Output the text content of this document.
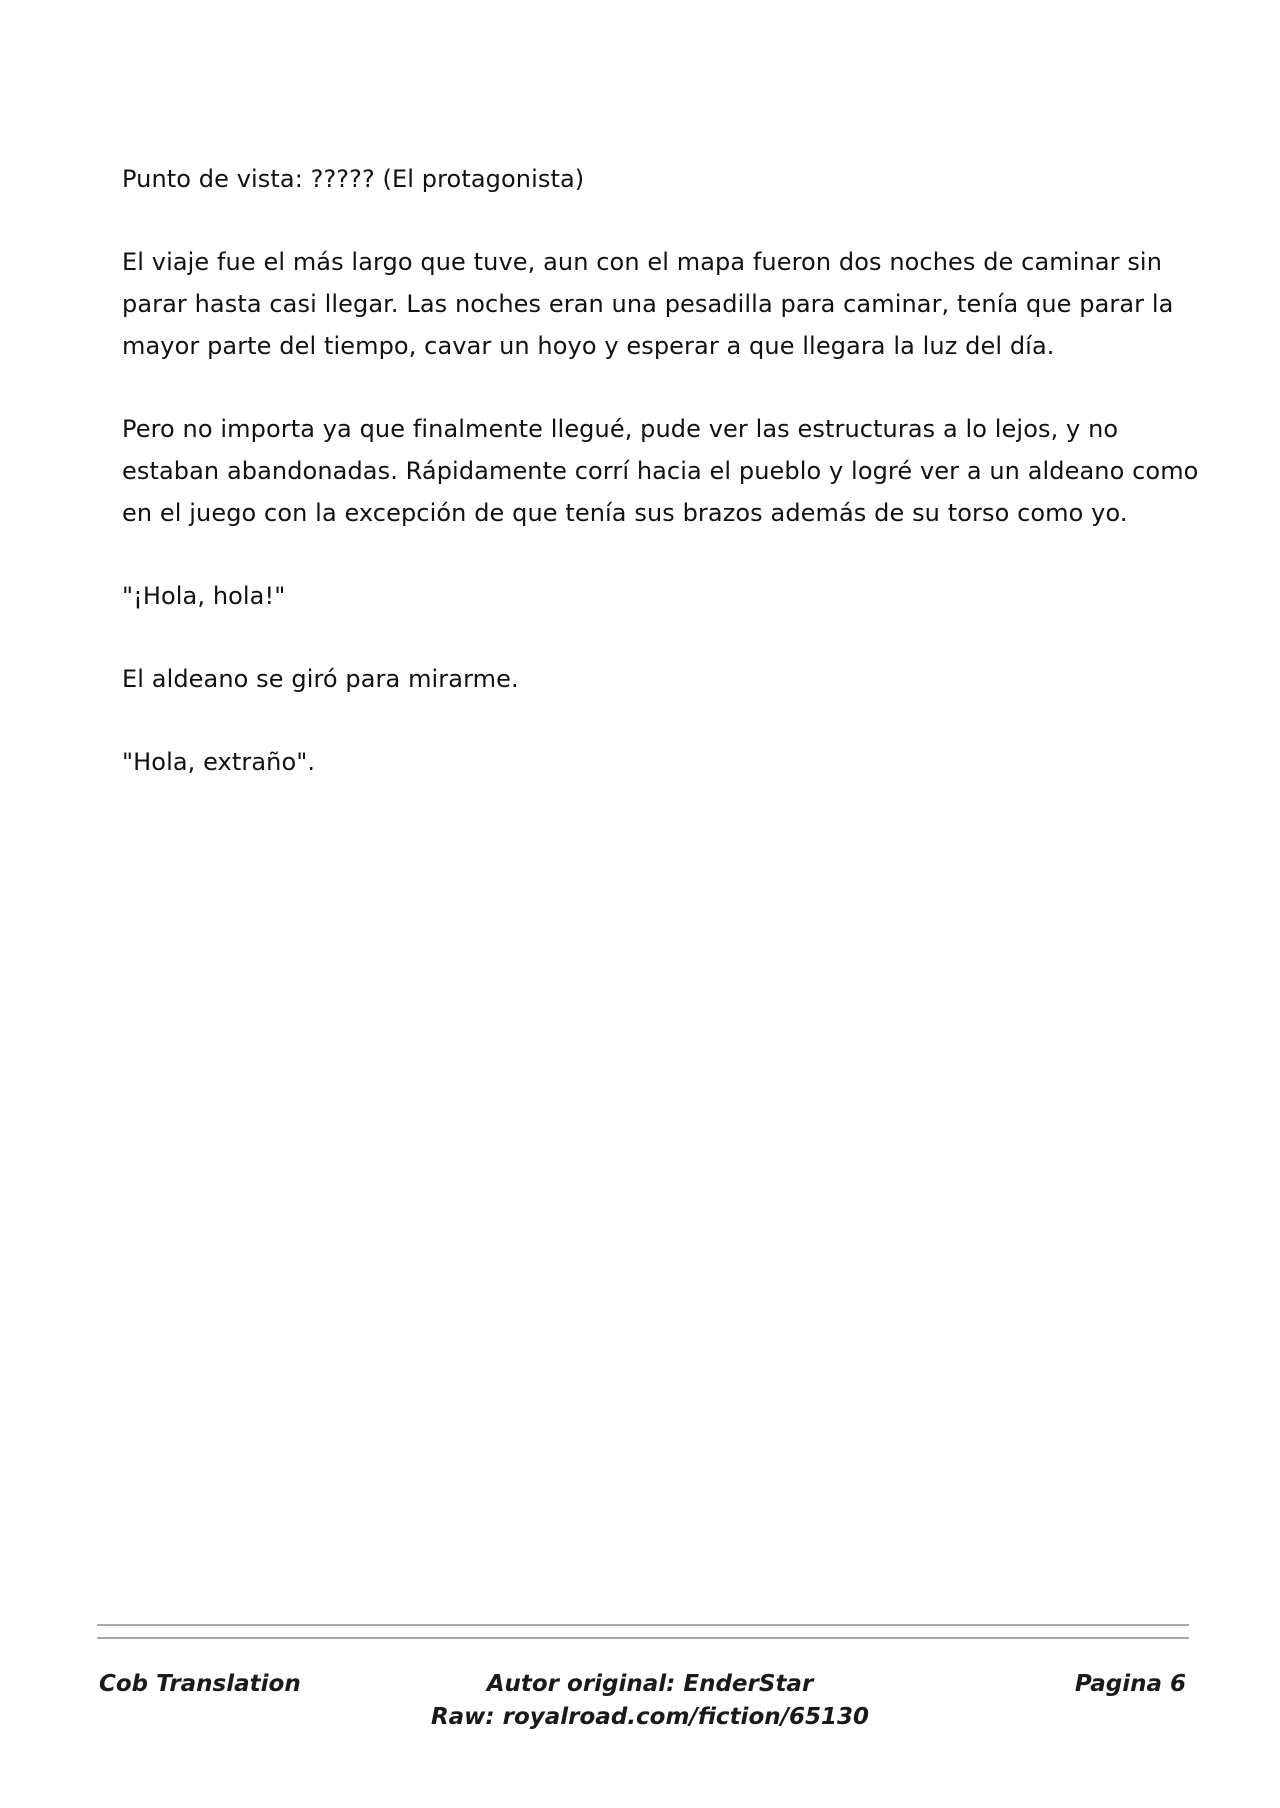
Punto de vista: ????? (El protagonista)

El viaje fue el más largo que tuve, aun con el mapa fueron dos noches de caminar sin parar hasta casi llegar. Las noches eran una pesadilla para caminar, tenía que parar la mayor parte del tiempo, cavar un hoyo y esperar a que llegara la luz del día.

Pero no importa ya que finalmente llegué, pude ver las estructuras a lo lejos, y no estaban abandonadas. Rápidamente corrí hacia el pueblo y logré ver a un aldeano como en el juego con la excepción de que tenía sus brazos además de su torso como yo.

"¡Hola, hola!"

El aldeano se giró para mirarme.

"Hola, extraño".

Cob Translation	Autor original: EnderStar
Raw: royalroad.com/fiction/65130
Pagina 6
